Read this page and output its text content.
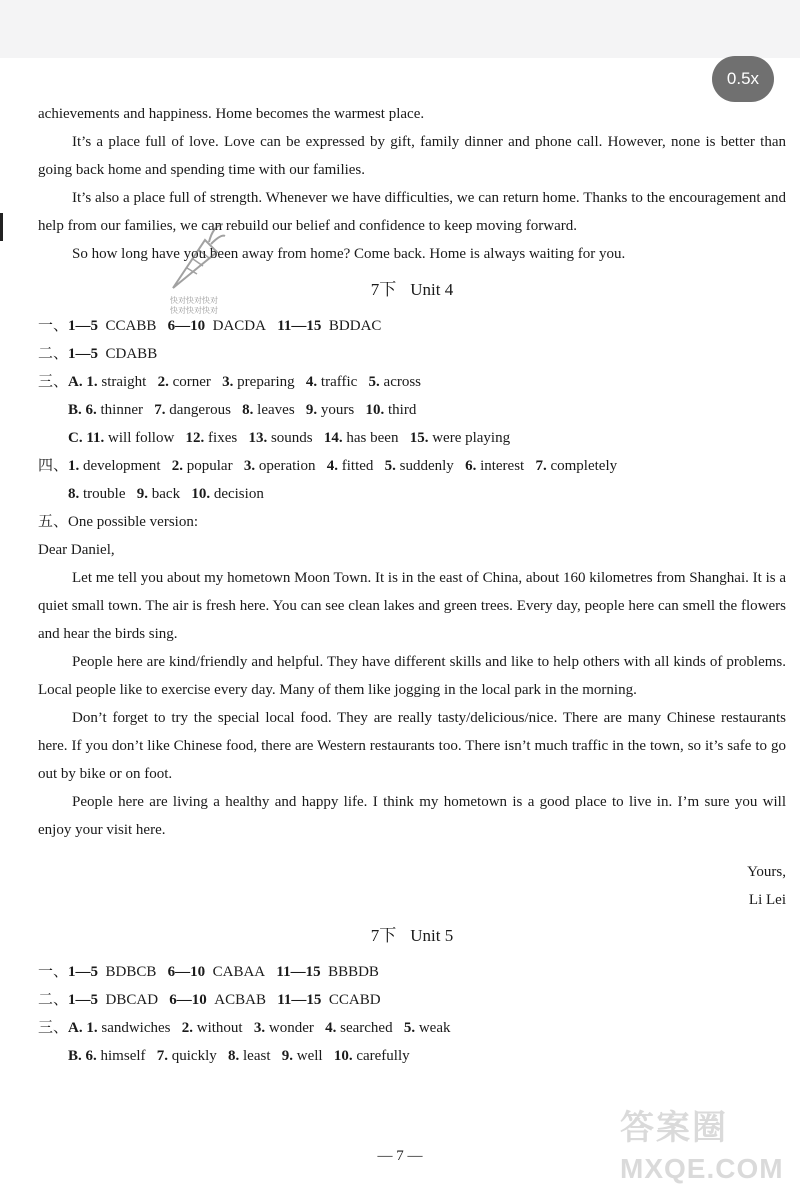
0.5x

achievements and happiness. Home becomes the warmest place.

It’s a place full of love. Love can be expressed by gift, family dinner and phone call. However, none is better than going back home and spending time with our families.

It’s also a place full of strength. Whenever we have difficulties, we can return home. Thanks to the encouragement and help from our families, we can rebuild our belief and confidence to keep moving forward.

So how long have you been away from home? Come back. Home is always waiting for you.

7下 Unit 4
一、1—5 CCABB 6—10 DACDA 11—15 BDDAC
二、1—5 CDABB
三、A. 1. straight 2. corner 3. preparing 4. traffic 5. across
B. 6. thinner 7. dangerous 8. leaves 9. yours 10. third
C. 11. will follow 12. fixes 13. sounds 14. has been 15. were playing
四、1. development 2. popular 3. operation 4. fitted 5. suddenly 6. interest 7. completely
8. trouble 9. back 10. decision
五、One possible version:

Dear Daniel,

Let me tell you about my hometown Moon Town. It is in the east of China, about 160 kilometres from Shanghai. It is a quiet small town. The air is fresh here. You can see clean lakes and green trees. Every day, people here can smell the flowers and hear the birds sing.

People here are kind/friendly and helpful. They have different skills and like to help others with all kinds of problems. Local people like to exercise every day. Many of them like jogging in the local park in the morning.

Don’t forget to try the special local food. They are really tasty/delicious/nice. There are many Chinese restaurants here. If you don’t like Chinese food, there are Western restaurants too. There isn’t much traffic in the town, so it’s safe to go out by bike or on foot.

People here are living a healthy and happy life. I think my hometown is a good place to live in. I’m sure you will enjoy your visit here.

Yours,

Li Lei

7下 Unit 5
一、1—5 BDBCB 6—10 CABAA 11—15 BBBDB
二、1—5 DBCAD 6—10 ACBAB 11—15 CCABD
三、A. 1. sandwiches 2. without 3. wonder 4. searched 5. weak
B. 6. himself 7. quickly 8. least 9. well 10. carefully
— 7 —
快对快对快对
快对快对快对
答案圈
MXQE.COM
